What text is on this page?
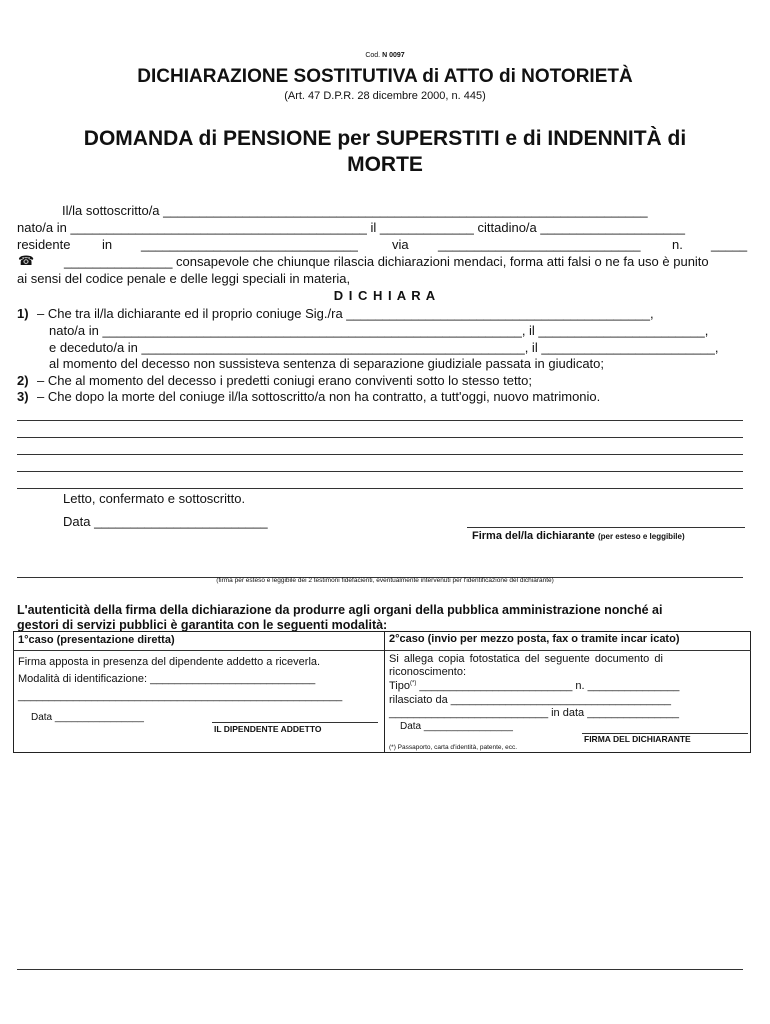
Cod. N 0097
DICHIARAZIONE SOSTITUTIVA di ATTO di NOTORIETÀ
(Art. 47 D.P.R. 28 dicembre 2000, n. 445)
DOMANDA di PENSIONE per SUPERSTITI e di INDENNITÀ di
MORTE
Il/la sottoscritto/a ___________________________________________________________________
nato/a in _________________________________________ il _____________ cittadino/a ____________________
residente in ______________________________	via ____________________________ n. _____
☎ _______________ consapevole che chiunque rilascia dichiarazioni mendaci, forma atti falsi o ne fa uso è punito
ai sensi del codice penale e delle leggi speciali in materia,
D I C H I A R A
1) – Che tra il/la dichiarante ed il proprio coniuge Sig./ra __________________________________________,
nato/a in __________________________________________________________, il _______________________,
e deceduto/a in _____________________________________________________, il ________________________,
al momento del decesso non sussisteva sentenza di separazione giudiziale passata in giudicato;
2) – Che al momento del decesso i predetti coniugi erano conviventi sotto lo stesso tetto;
3) – Che dopo la morte del coniuge il/la sottoscritto/a non ha contratto, a tutt'oggi, nuovo matrimonio.
Letto, confermato e sottoscritto.
Data ________________________
Firma del/la dichiarante (per esteso e leggibile)
(firma per esteso e leggibile dei 2 testimoni fidefacienti, eventualmente intervenuti per l'identificazione del dichiarante)
L'autenticità della firma della dichiarazione da produrre agli organi della pubblica amministrazione nonché ai
gestori di servizi pubblici è garantita con le seguenti modalità:
1°caso (presentazione diretta)	2°caso (invio per mezzo posta, fax o tramite incar icato)
Firma apposta in presenza del dipendente addetto a riceverla.
Modalità di identificazione: ___________________________
_____________________________________________________
Data ________________
IL DIPENDENTE ADDETTO
Si allega copia fotostatica del seguente documento di
riconoscimento:
Tipo(*) _________________________ n. _______________
rilasciato da ____________________________________
__________________________ in data _______________
Data ________________
FIRMA DEL DICHIARANTE
(*) Passaporto, carta d'identità, patente, ecc.
